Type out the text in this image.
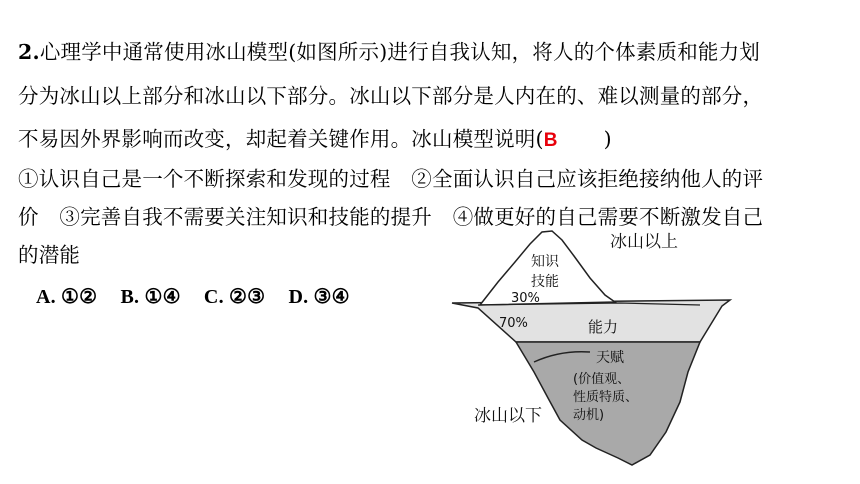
2.心理学中通常使用冰山模型(如图所示)进行自我认知，将人的个体素质和能力划
分为冰山以上部分和冰山以下部分。冰山以下部分是人内在的、难以测量的部分，
不易因外界影响而改变，却起着关键作用。冰山模型说明(B )
①认识自己是一个不断探索和发现的过程　②全面认识自己应该拒绝接纳他人的评
价　③完善自我不需要关注知识和技能的提升　④做更好的自己需要不断激发自己
的潜能
A. ①② B. ①④ C. ②③ D. ③④
冰山以上
知识
技能
30%
70%	能力
天赋
(价值观、
性质特质、
动机)
冰山以下
